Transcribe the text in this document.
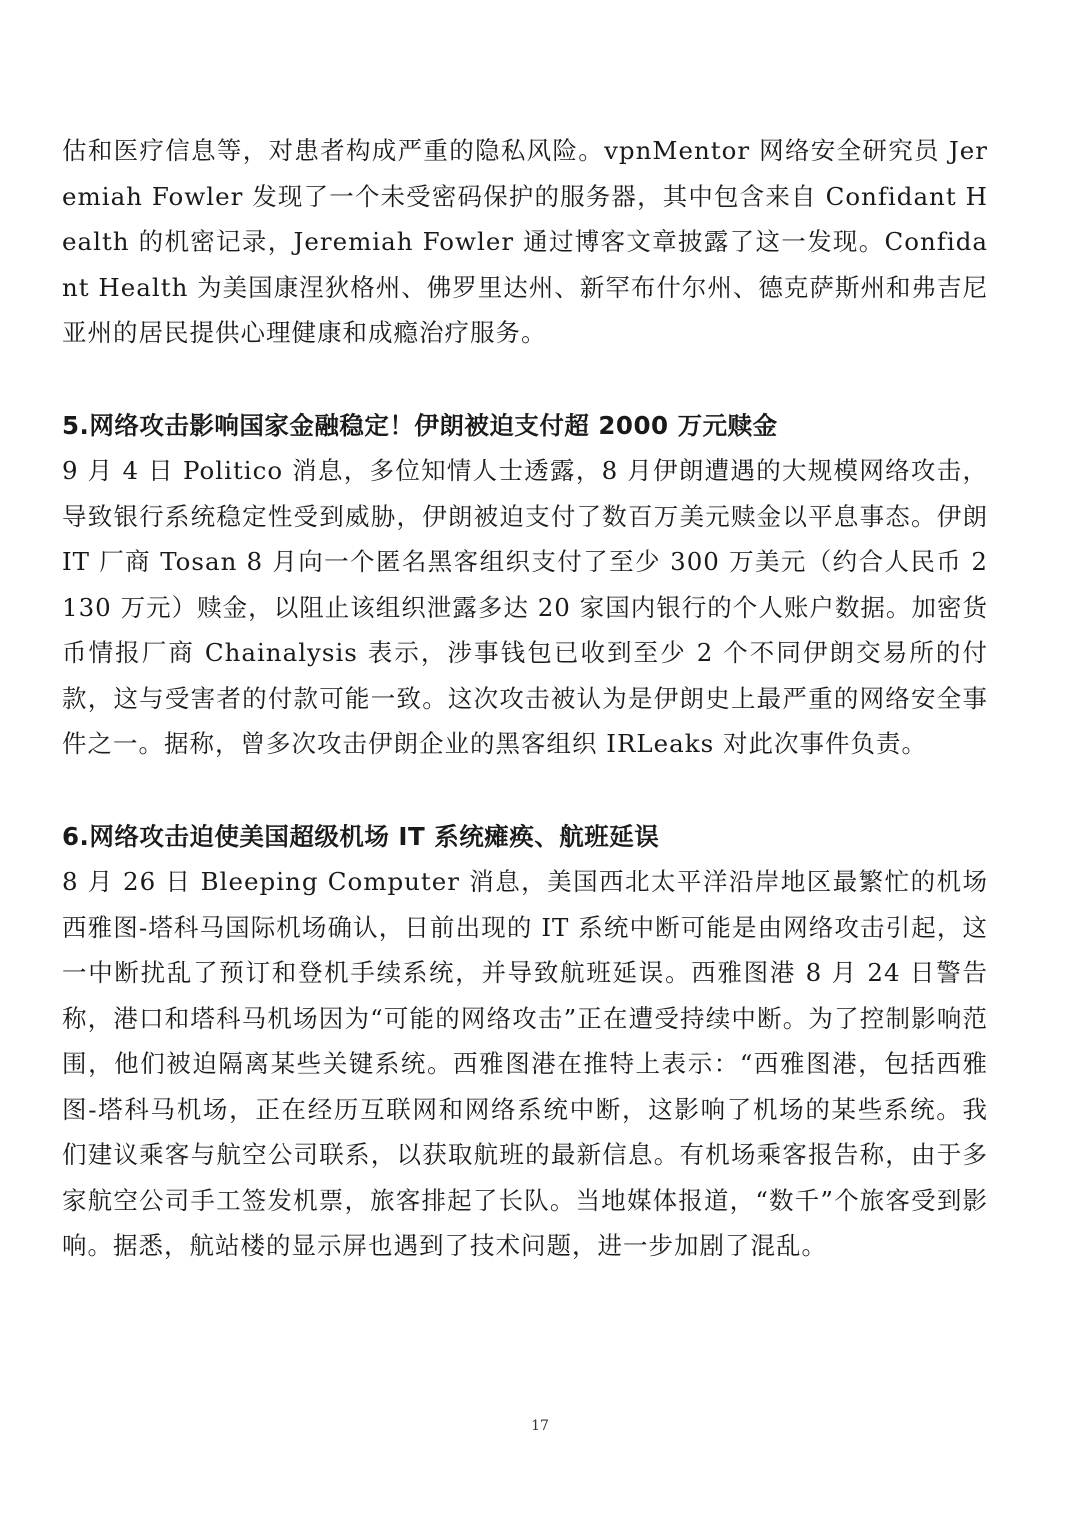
估和医疗信息等，对患者构成严重的隐私风险。vpnMentor 网络安全研究员 Jeremiah Fowler 发现了一个未受密码保护的服务器，其中包含来自 Confidant Health 的机密记录，Jeremiah Fowler 通过博客文章披露了这一发现。Confidant Health 为美国康涅狄格州、佛罗里达州、新罕布什尔州、德克萨斯州和弗吉尼亚州的居民提供心理健康和成瘾治疗服务。

5.网络攻击影响国家金融稳定！伊朗被迫支付超 2000 万元赎金

9 月 4 日 Politico 消息，多位知情人士透露，8 月伊朗遭遇的大规模网络攻击，导致银行系统稳定性受到威胁，伊朗被迫支付了数百万美元赎金以平息事态。伊朗 IT 厂商 Tosan 8 月向一个匿名黑客组织支付了至少 300 万美元（约合人民币 2130 万元）赎金，以阻止该组织泄露多达 20 家国内银行的个人账户数据。加密货币情报厂商 Chainalysis 表示，涉事钱包已收到至少 2 个不同伊朗交易所的付款，这与受害者的付款可能一致。这次攻击被认为是伊朗史上最严重的网络安全事件之一。据称，曾多次攻击伊朗企业的黑客组织 IRLeaks 对此次事件负责。

6.网络攻击迫使美国超级机场 IT 系统瘫痪、航班延误

8 月 26 日 Bleeping Computer 消息，美国西北太平洋沿岸地区最繁忙的机场西雅图-塔科马国际机场确认，日前出现的 IT 系统中断可能是由网络攻击引起，这一中断扰乱了预订和登机手续系统，并导致航班延误。西雅图港 8 月 24 日警告称，港口和塔科马机场因为“可能的网络攻击”正在遭受持续中断。为了控制影响范围，他们被迫隔离某些关键系统。西雅图港在推特上表示：“西雅图港，包括西雅图-塔科马机场，正在经历互联网和网络系统中断，这影响了机场的某些系统。我们建议乘客与航空公司联系，以获取航班的最新信息。有机场乘客报告称，由于多家航空公司手工签发机票，旅客排起了长队。当地媒体报道，“数千”个旅客受到影响。据悉，航站楼的显示屏也遇到了技术问题，进一步加剧了混乱。

17
